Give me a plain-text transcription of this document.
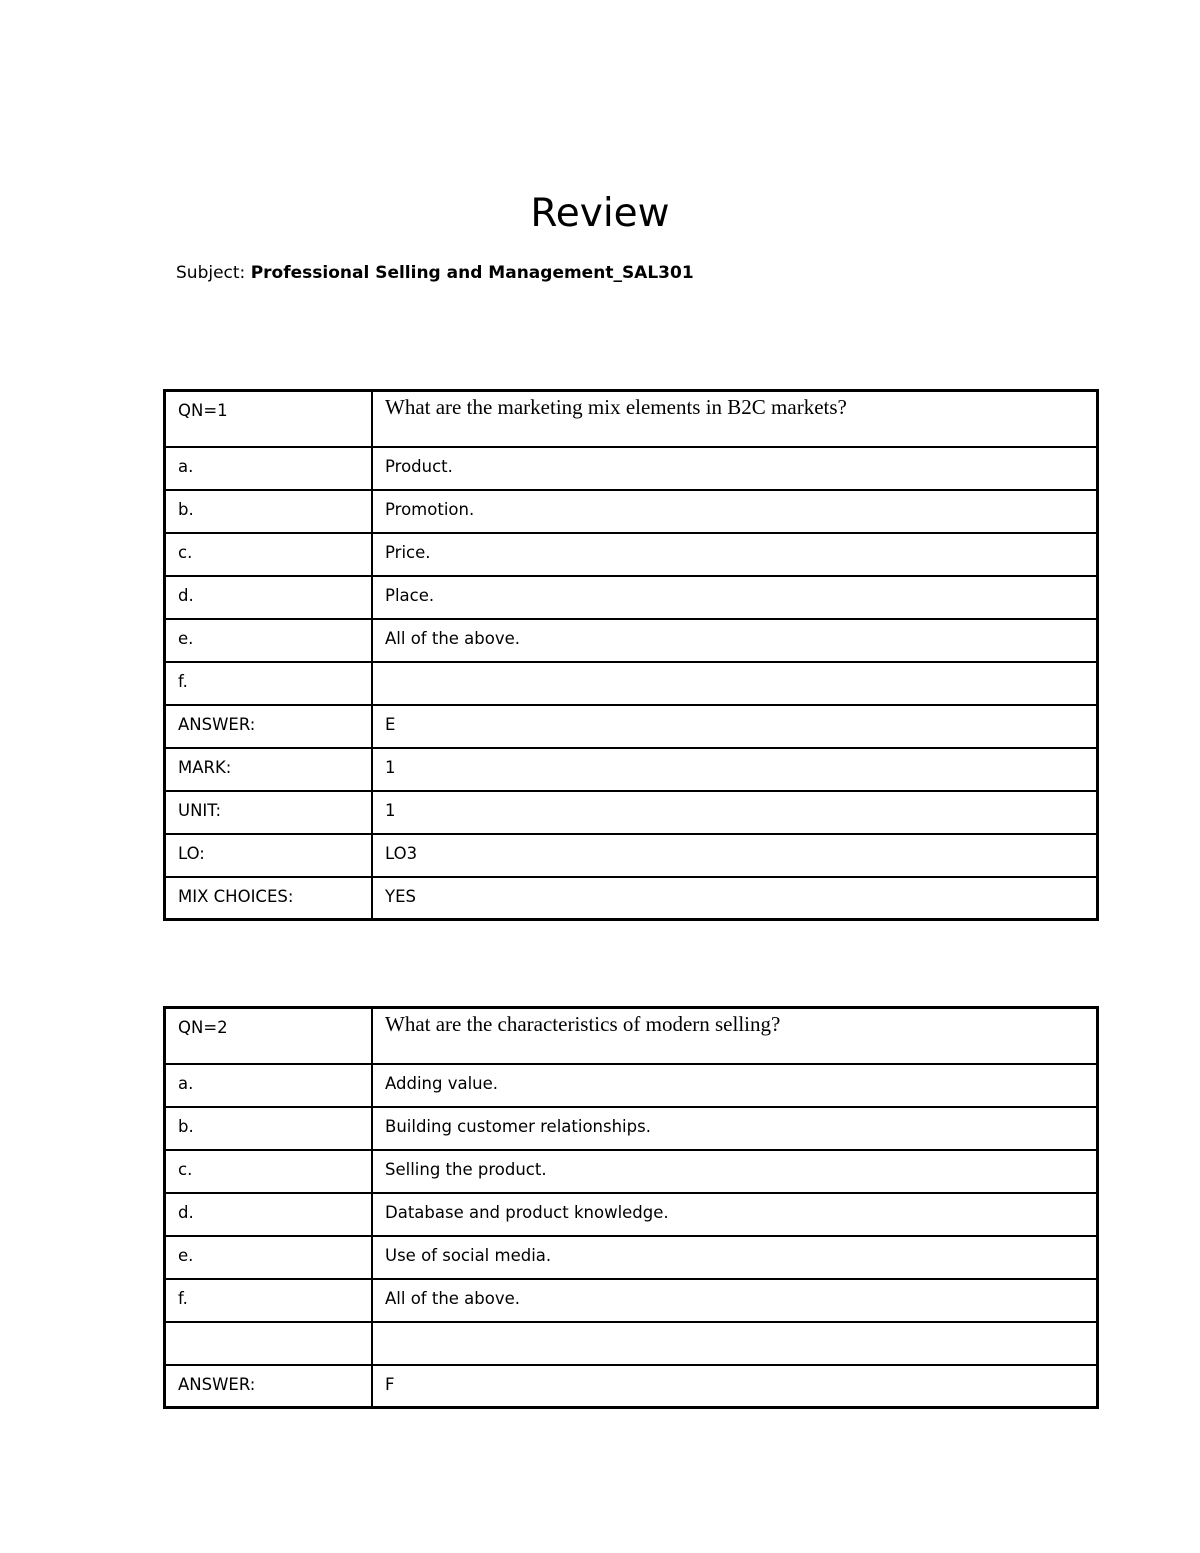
Review
Subject: Professional Selling and Management_SAL301
QN=1	What are the marketing mix elements in B2C markets?
a.	Product.
b.	Promotion.
c.	Price.
d.	Place.
e.	All of the above.
f.	
ANSWER:	E
MARK:	1
UNIT:	1
LO:	LO3
MIX CHOICES:	YES
QN=2	What are the characteristics of modern selling?
a.	Adding value.
b.	Building customer relationships.
c.	Selling the product.
d.	Database and product knowledge.
e.	Use of social media.
f.	All of the above.

ANSWER:	F
